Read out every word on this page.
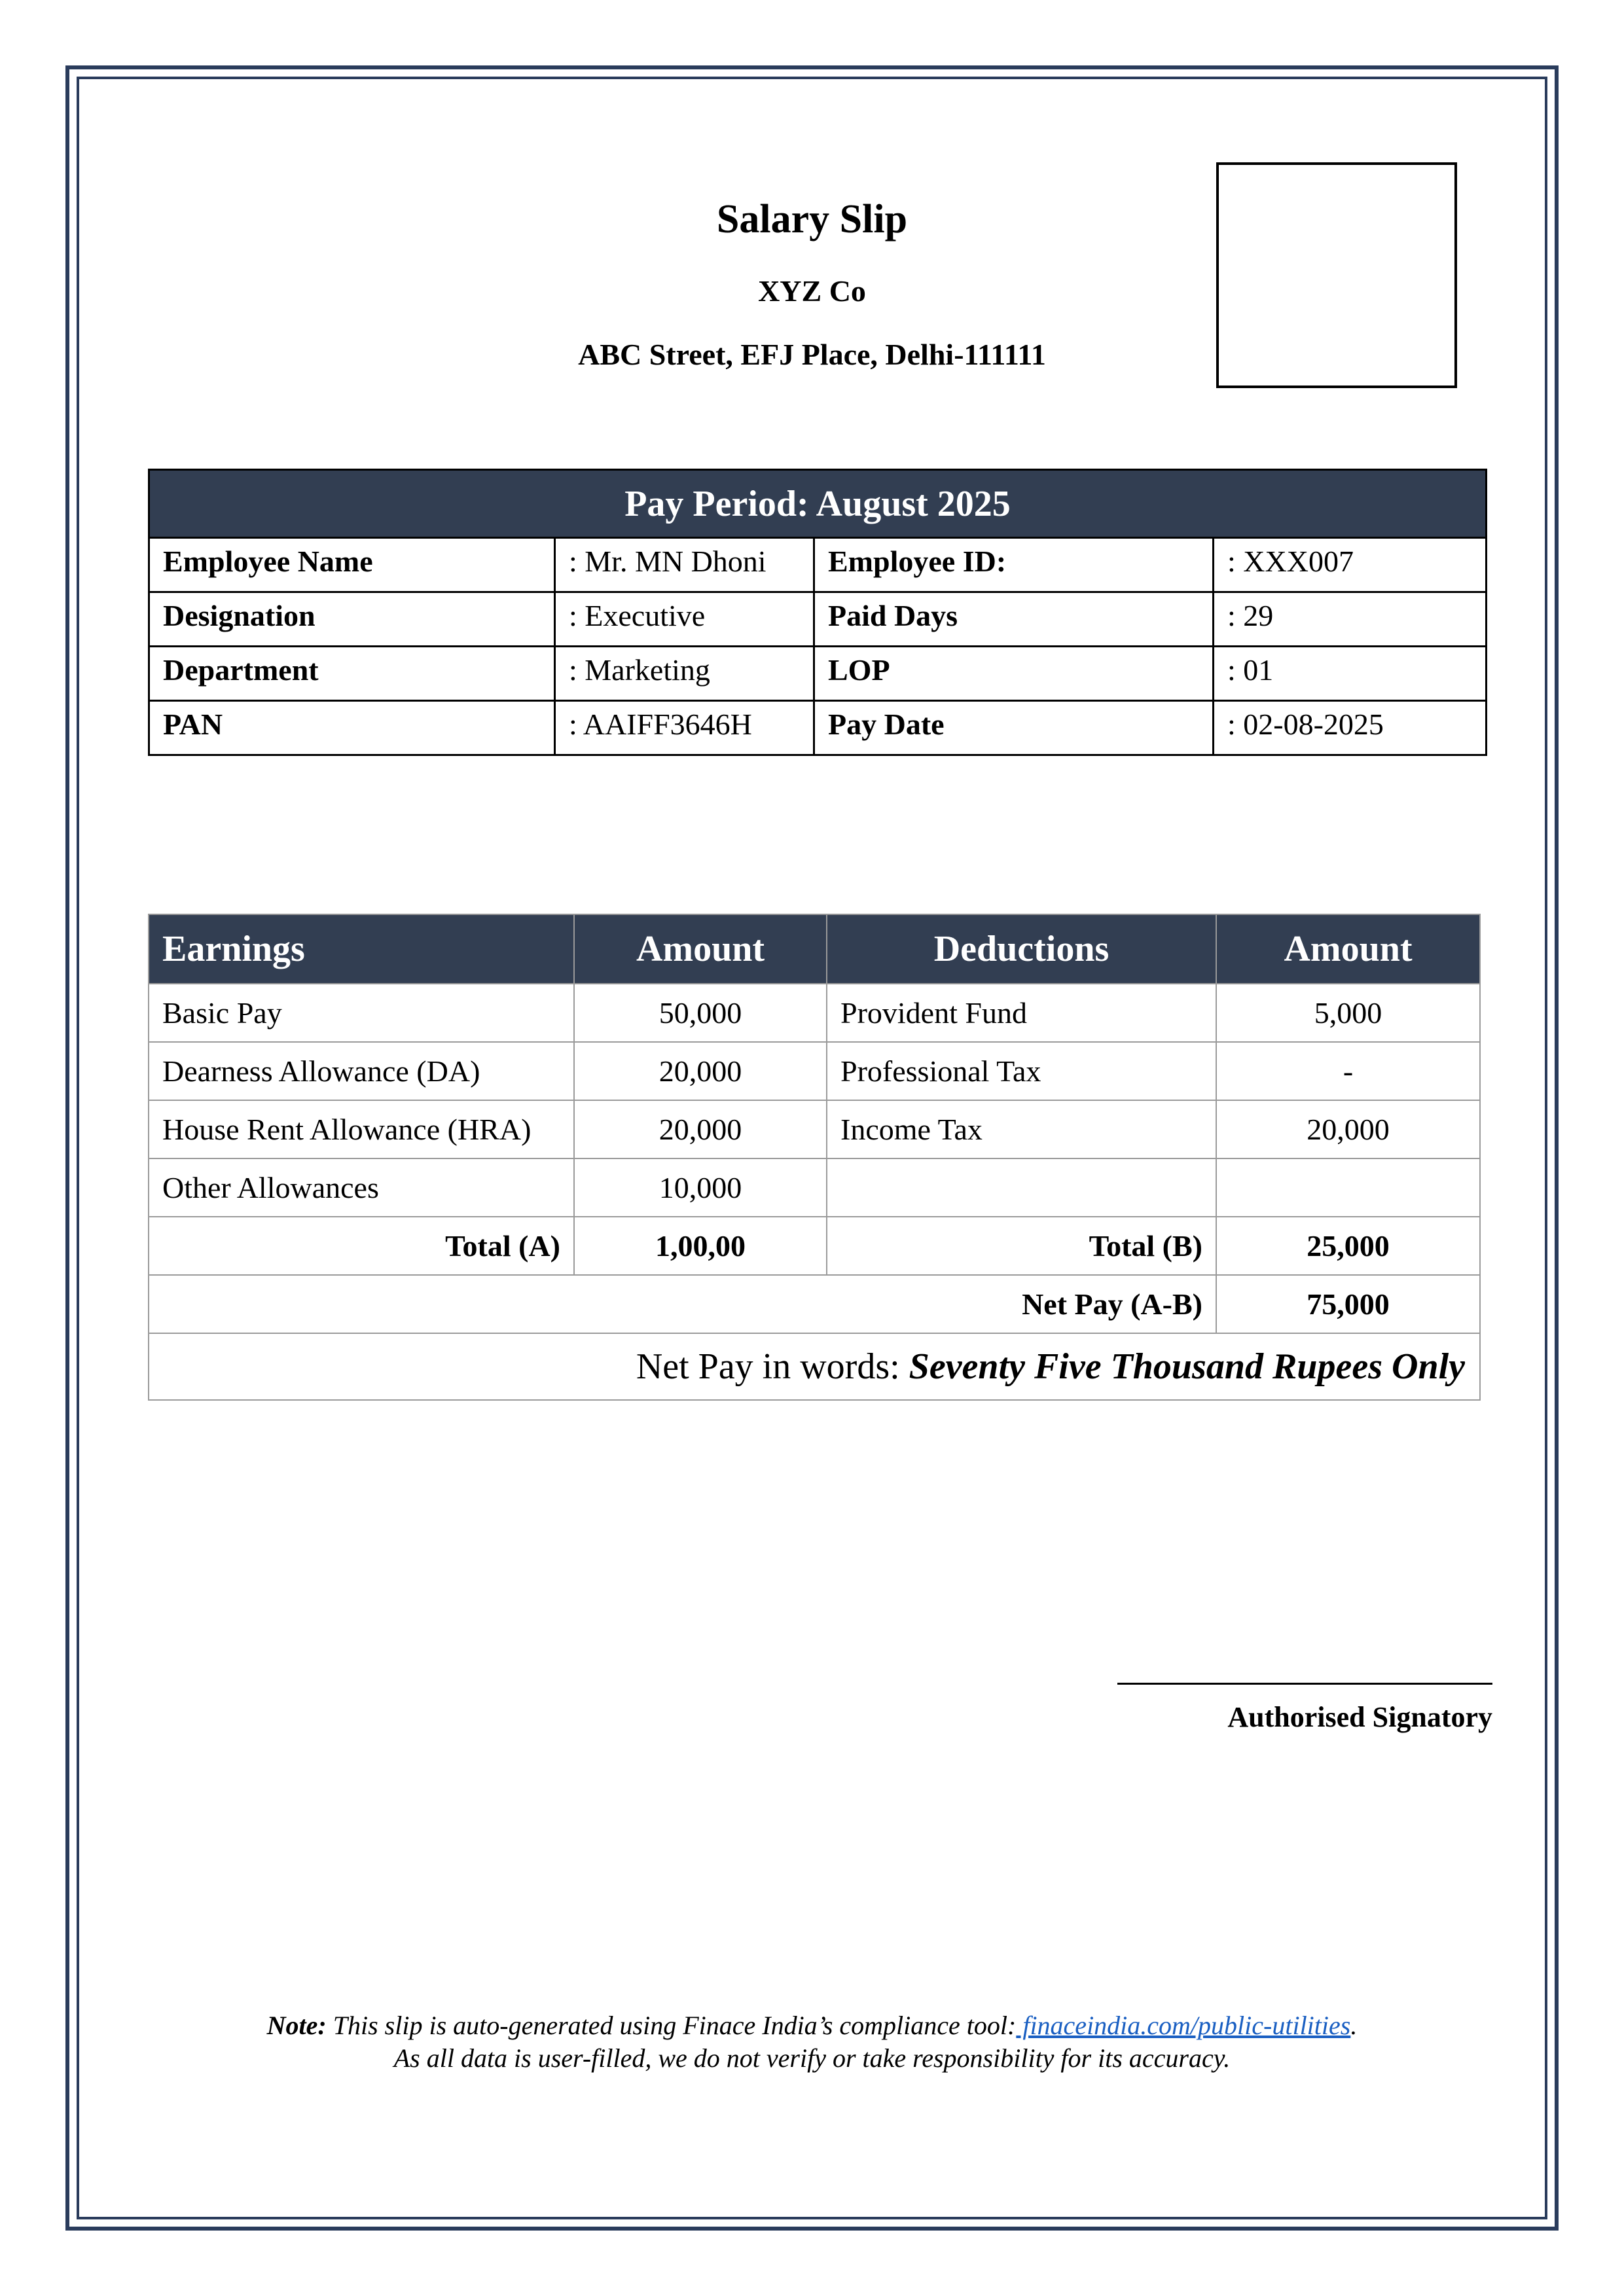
Salary Slip
XYZ Co
ABC Street, EFJ Place, Delhi-111111
Pay Period: August 2025			
Employee Name	: Mr. MN Dhoni	Employee ID:	: XXX007
Designation	: Executive	Paid Days	: 29
Department	: Marketing	LOP	: 01
PAN	: AAIFF3646H	Pay Date	: 02-08-2025
Earnings	Amount	Deductions	Amount
Basic Pay	50,000	Provident Fund	5,000
Dearness Allowance (DA)	20,000	Professional Tax	-
House Rent Allowance (HRA)	20,000	Income Tax	20,000
Other Allowances	10,000		
Total (A)	1,00,00	Total (B)	25,000
Net Pay (A-B)			75,000
Net Pay in words: Seventy Five Thousand Rupees Only			
Authorised Signatory
Note: This slip is auto-generated using Finace India’s compliance tool: finaceindia.com/public-utilities.
As all data is user-filled, we do not verify or take responsibility for its accuracy.
